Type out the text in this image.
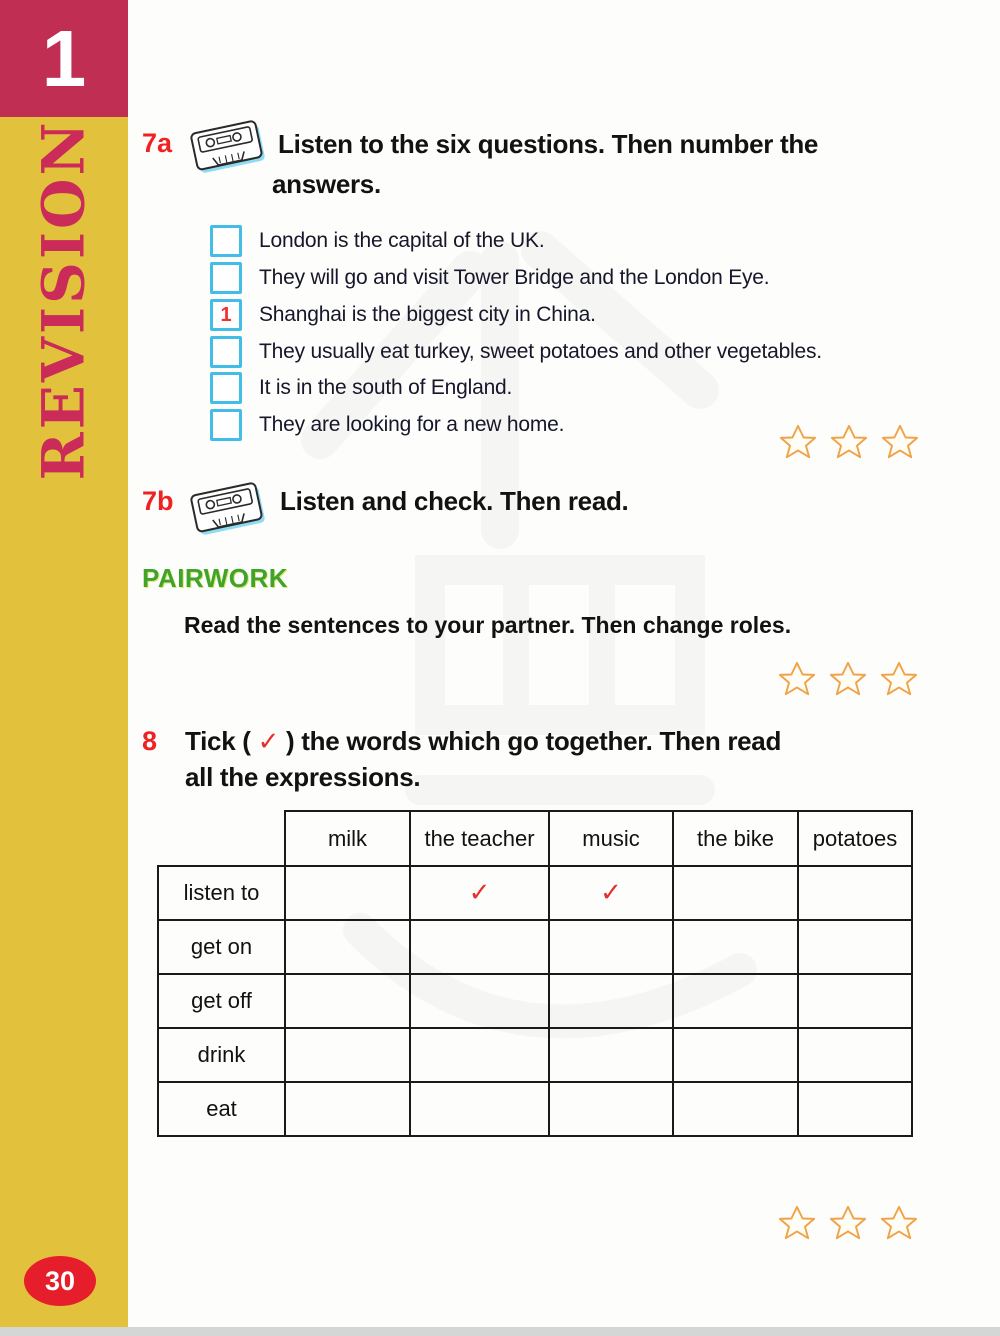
1
REVISION
30
7a	Listen to the six questions. Then number the
answers.
London is the capital of the UK.
They will go and visit Tower Bridge and the London Eye.
1	Shanghai is the biggest city in China.
They usually eat turkey, sweet potatoes and other vegetables.
It is in the south of England.
They are looking for a new home.
7b	Listen and check. Then read.
PAIRWORK
Read the sentences to your partner. Then change roles.
8 Tick ( ✓ ) the words which go together. Then read
all the expressions.
	milk	the teacher	music	the bike	potatoes
listen to		✓	✓		
get on					
get off					
drink					
eat					
